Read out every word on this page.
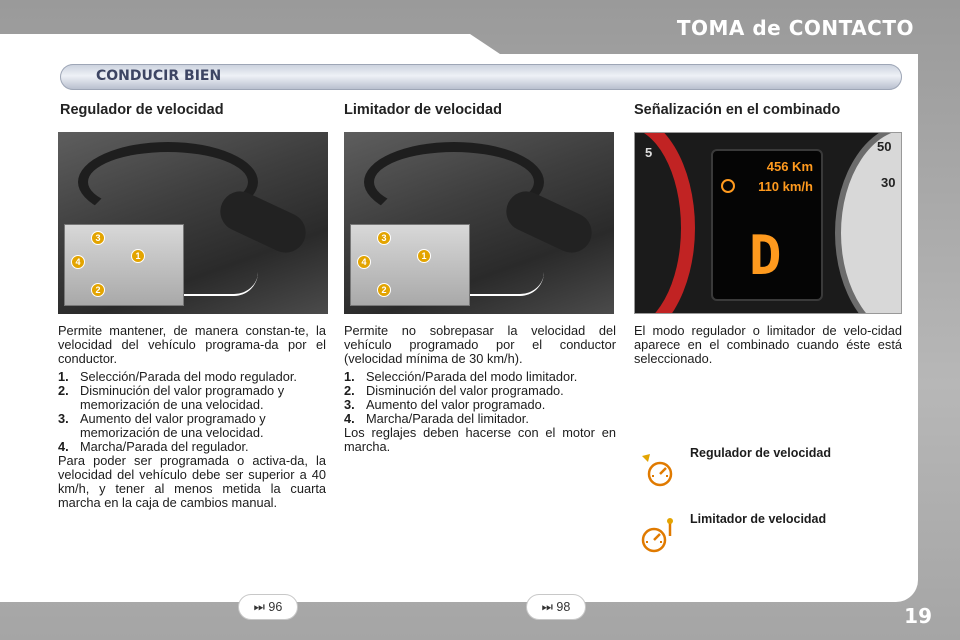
TOMA de CONTACTO
CONDUCIR BIEN
Regulador de velocidad
3
4
1
2

Permite mantener, de manera constan-te, la velocidad del vehículo programa-da por el conductor.

1. Selección/Parada del modo regulador.
2. Disminución del valor programado y memorización de una velocidad.
3. Aumento del valor programado y memorización de una velocidad.
4. Marcha/Parada del regulador.

Para poder ser programada o activa-da, la velocidad del vehículo debe ser superior a 40 km/h, y tener al menos metida la cuarta marcha en la caja de cambios manual.

Limitador de velocidad
3
4
1
2

Permite no sobrepasar la velocidad del vehículo programado por el conductor (velocidad mínima de 30 km/h).

1. Selección/Parada del modo limitador.
2. Disminución del valor programado.
3. Aumento del valor programado.
4. Marcha/Parada del limitador.

Los reglajes deben hacerse con el motor en marcha.

Señalización en el combinado
5	50
30
456 Km
110 km/h
D

El modo regulador o limitador de velo-cidad aparece en el combinado cuando éste está seleccionado.

Regulador de velocidad
Limitador de velocidad
⏭ 96	⏭ 98	19
